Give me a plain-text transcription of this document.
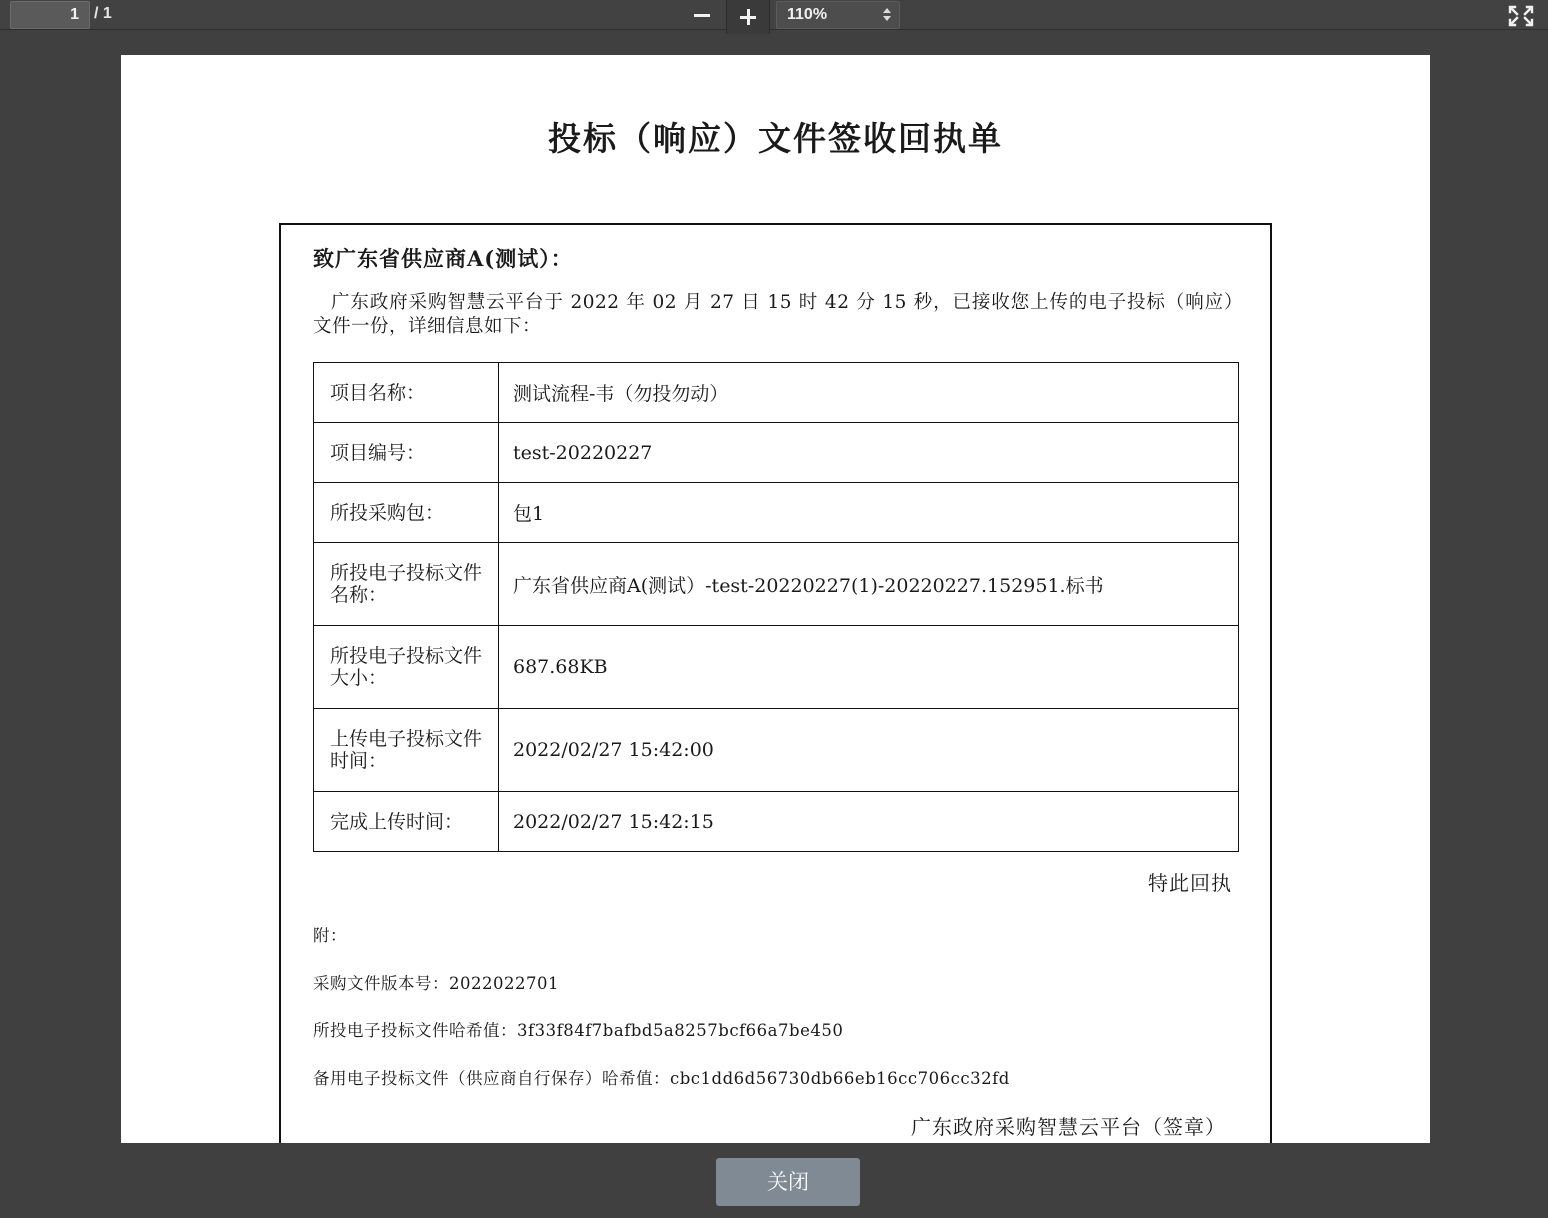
1 / 1	110%
投标（响应）文件签收回执单
致广东省供应商A(测试）：
广东政府采购智慧云平台于 2022 年 02 月 27 日 15 时 42 分 15 秒，已接收您上传的电子投标（响应）文件一份，详细信息如下：
项目名称：	测试流程-韦（勿投勿动）
项目编号：	test-20220227
所投采购包：	包1
所投电子投标文件名称：	广东省供应商A(测试）-test-20220227(1)-20220227.152951.标书
所投电子投标文件大小：	687.68KB
上传电子投标文件时间：	2022/02/27 15:42:00
完成上传时间：	2022/02/27 15:42:15
特此回执
附：
采购文件版本号：2022022701
所投电子投标文件哈希值：3f33f84f7bafbd5a8257bcf66a7be450
备用电子投标文件（供应商自行保存）哈希值：cbc1dd6d56730db66eb16cc706cc32fd
广东政府采购智慧云平台（签章）
关闭
